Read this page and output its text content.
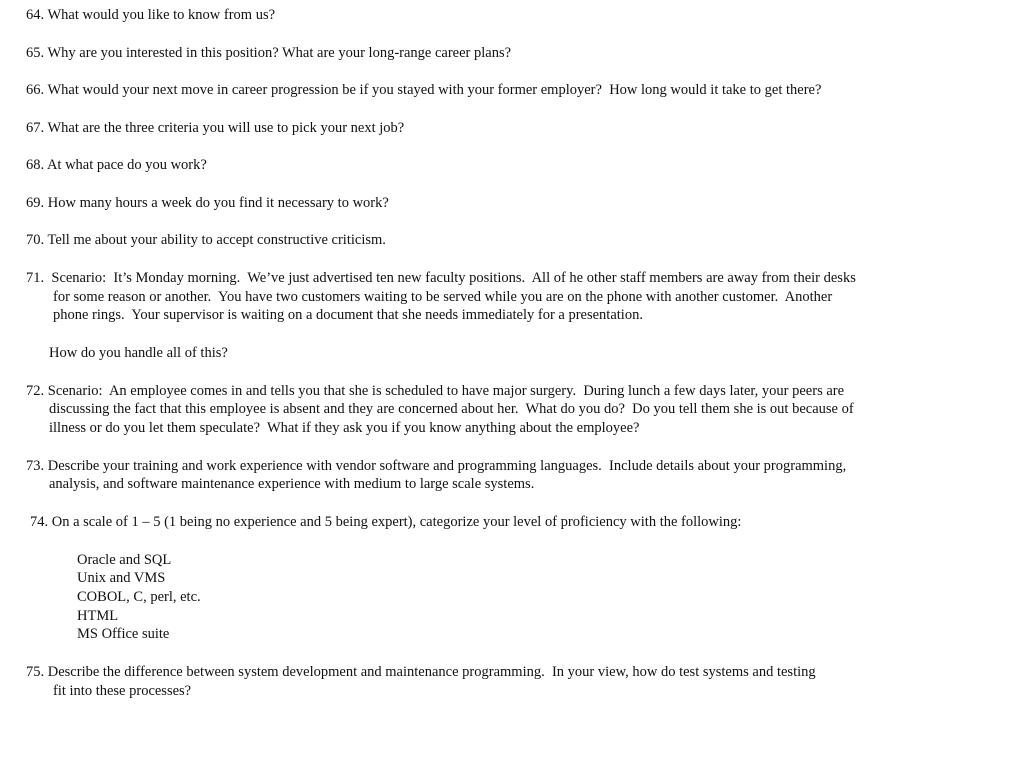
64. What would you like to know from us?

65. Why are you interested in this position? What are your long-range career plans?

66. What would your next move in career progression be if you stayed with your former employer?  How long would it take to get there?

67. What are the three criteria you will use to pick your next job?

68. At what pace do you work?

69. How many hours a week do you find it necessary to work?

70. Tell me about your ability to accept constructive criticism.

71.  Scenario:  It’s Monday morning.  We’ve just advertised ten new faculty positions.  All of he other staff members are away from their desks

for some reason or another.  You have two customers waiting to be served while you are on the phone with another customer.  Another

phone rings.  Your supervisor is waiting on a document that she needs immediately for a presentation.

How do you handle all of this?

72. Scenario:  An employee comes in and tells you that she is scheduled to have major surgery.  During lunch a few days later, your peers are

discussing the fact that this employee is absent and they are concerned about her.  What do you do?  Do you tell them she is out because of

illness or do you let them speculate?  What if they ask you if you know anything about the employee?

73. Describe your training and work experience with vendor software and programming languages.  Include details about your programming,

analysis, and software maintenance experience with medium to large scale systems.

74. On a scale of 1 – 5 (1 being no experience and 5 being expert), categorize your level of proficiency with the following:

Oracle and SQL

Unix and VMS

COBOL, C, perl, etc.

HTML

MS Office suite

75. Describe the difference between system development and maintenance programming.  In your view, how do test systems and testing

fit into these processes?
